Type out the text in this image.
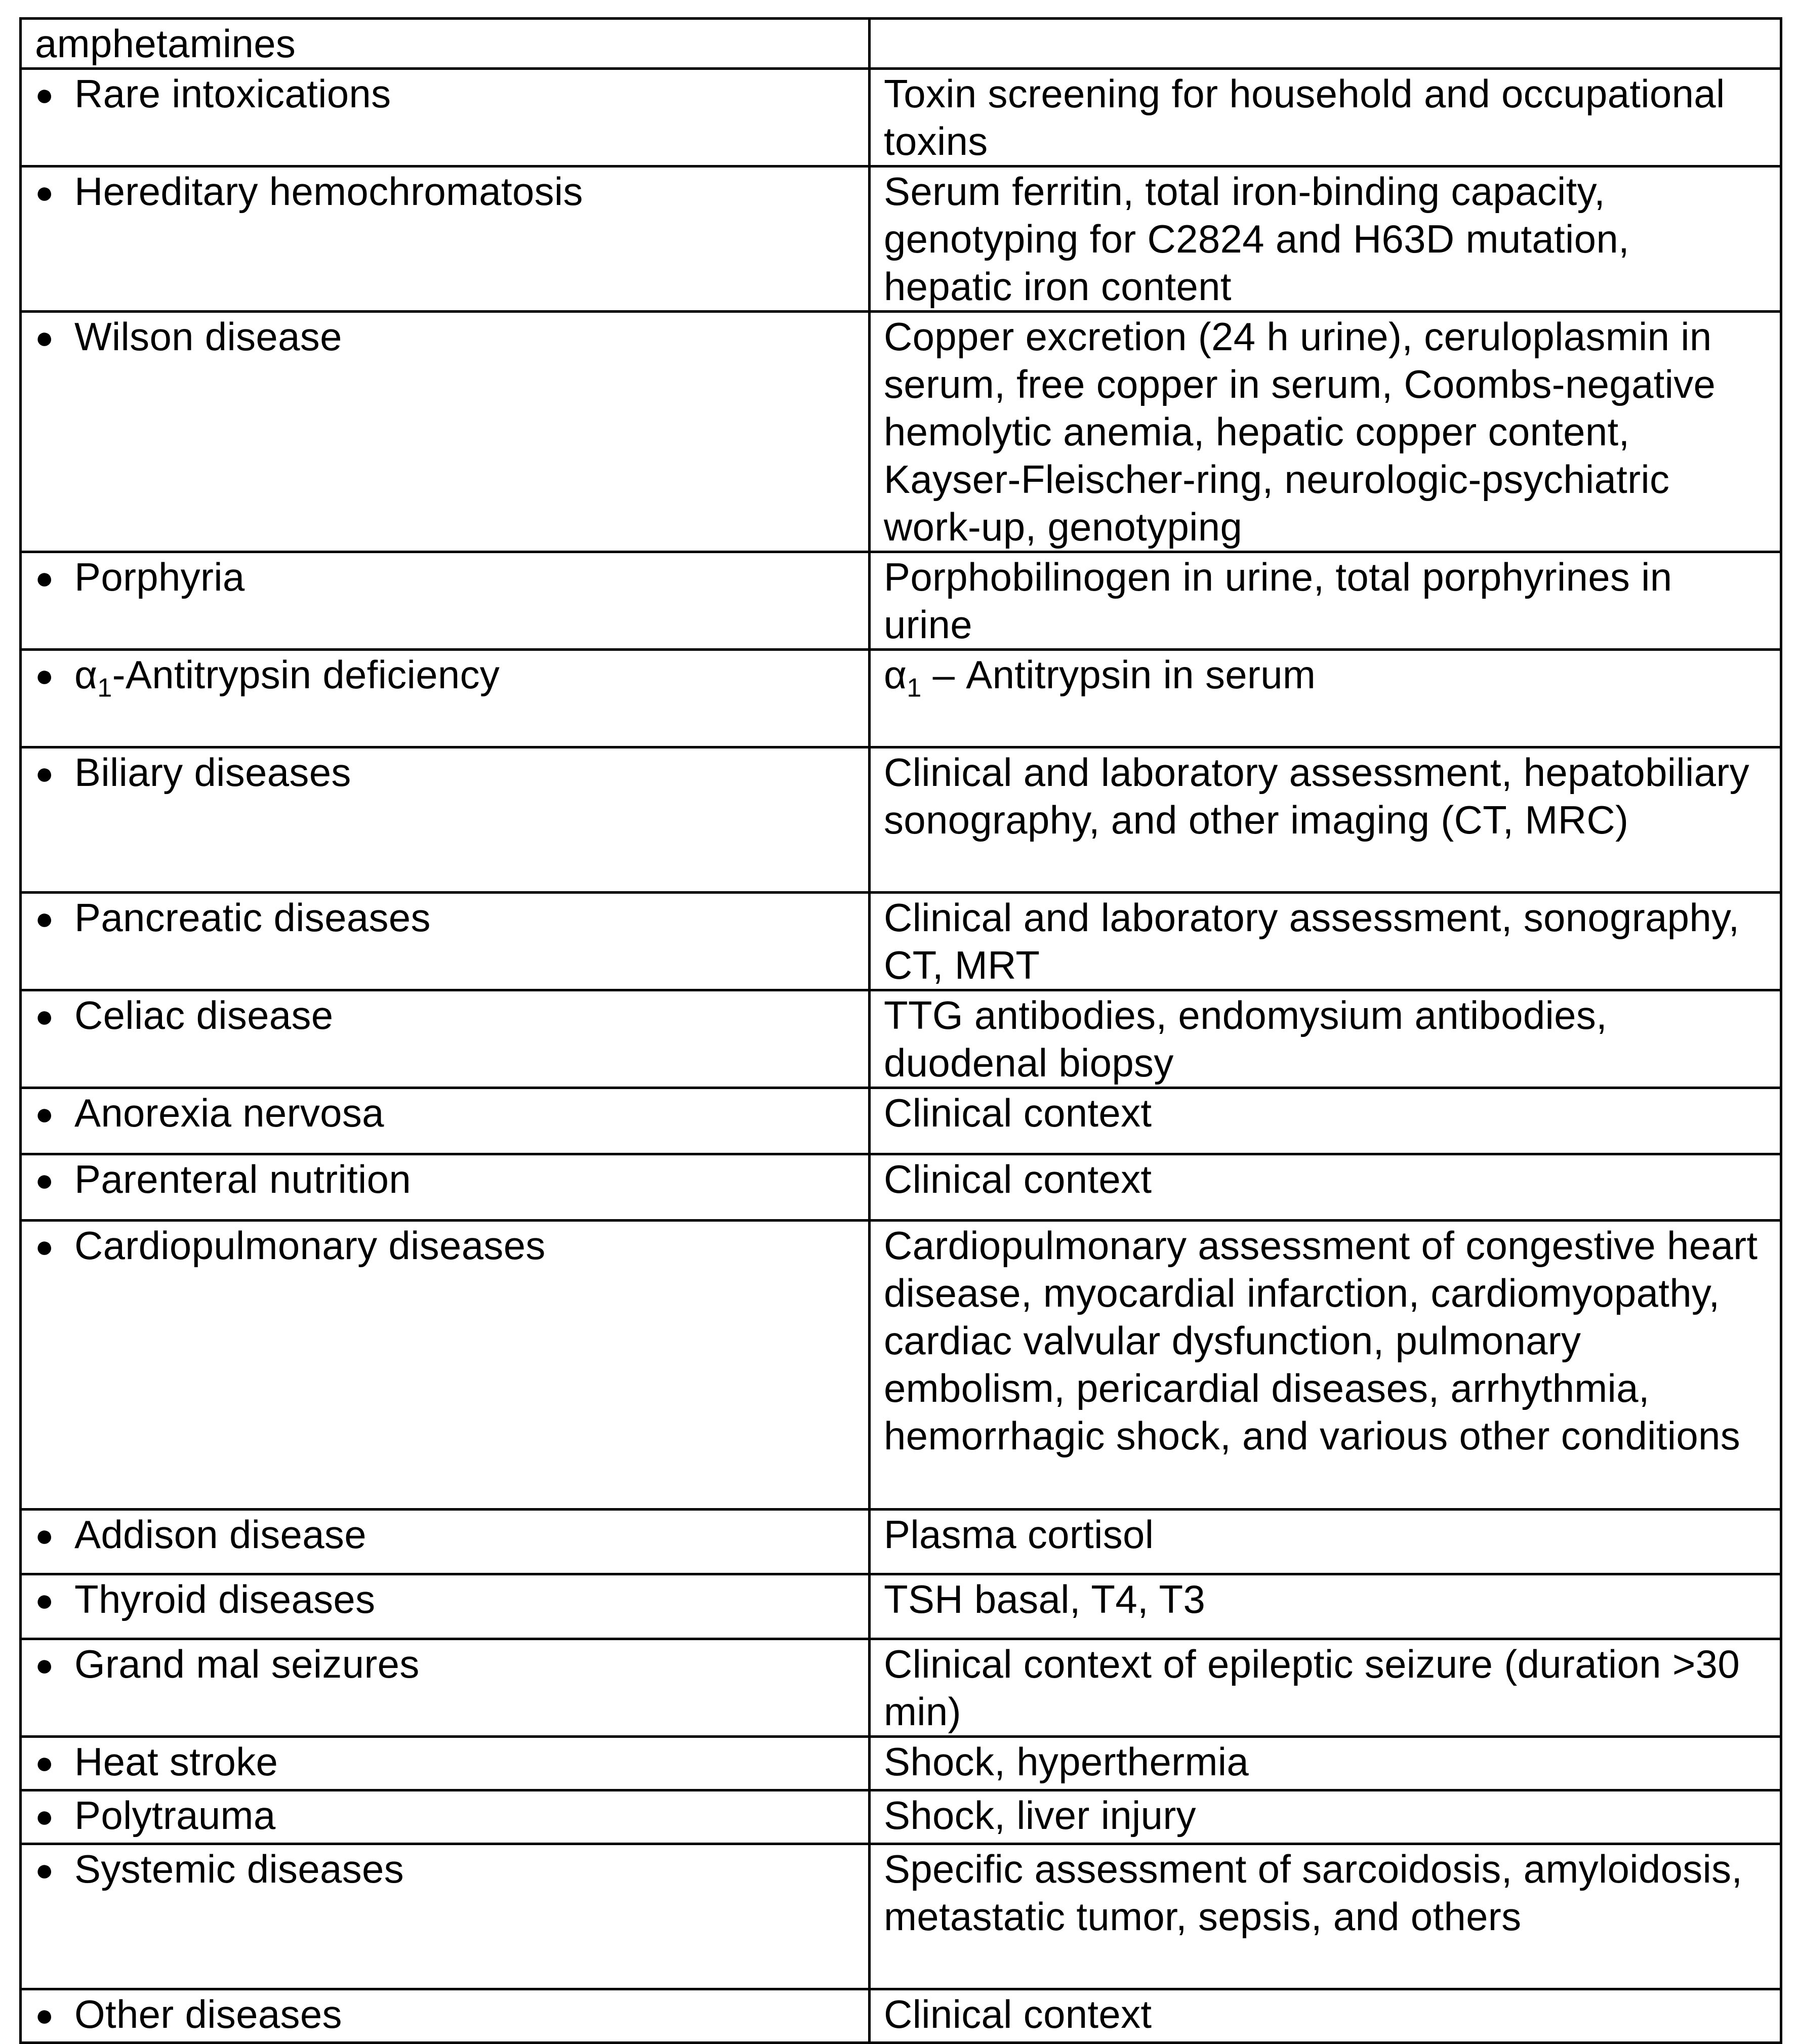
amphetamines	
●Rare intoxications	Toxin screening for household and occupational toxins
●Hereditary hemochromatosis	Serum ferritin, total iron-binding capacity, genotyping for C2824 and H63D mutation, hepatic iron content
●Wilson disease	Copper excretion (24 h urine), ceruloplasmin in serum, free copper in serum, Coombs-negative hemolytic anemia, hepatic copper content, Kayser-Fleischer-ring, neurologic-psychiatric work-up, genotyping
●Porphyria	Porphobilinogen in urine, total porphyrines in urine
$●\alpha_1$-Antitrypsin deficiency	$\alpha_1$ – Antitrypsin in serum
●Biliary diseases	Clinical and laboratory assessment, hepatobiliary sonography, and other imaging (CT, MRC)
●Pancreatic diseases	Clinical and laboratory assessment, sonography, CT, MRT
●Celiac disease	TTG antibodies, endomysium antibodies, duodenal biopsy
●Anorexia nervosa	Clinical context
●Parenteral nutrition	Clinical context
●Cardiopulmonary diseases	Cardiopulmonary assessment of congestive heart disease, myocardial infarction, cardiomyopathy, cardiac valvular dysfunction, pulmonary embolism, pericardial diseases, arrhythmia, hemorrhagic shock, and various other conditions
●Addison disease	Plasma cortisol
●Thyroid diseases	TSH basal, T4, T3
●Grand mal seizures	Clinical context of epileptic seizure (duration >30 min)
●Heat stroke	Shock, hyperthermia
●Polytrauma	Shock, liver injury
●Systemic diseases	Specific assessment of sarcoidosis, amyloidosis, metastatic tumor, sepsis, and others
●Other diseases	Clinical context
